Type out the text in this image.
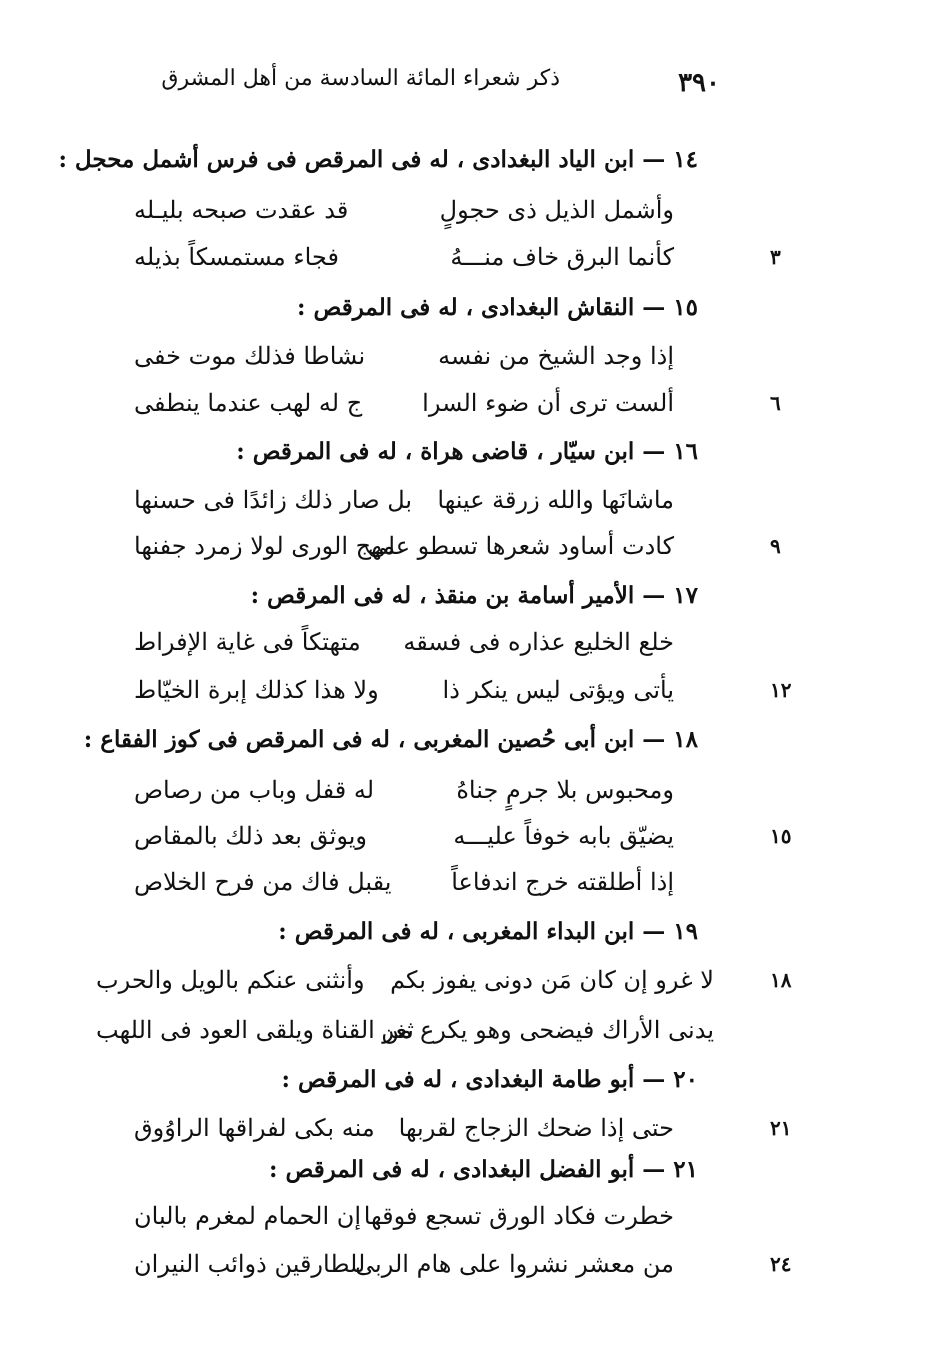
٣٩٠
ذكر شعراء المائة السادسة من أهل المشرق
١٤ — ابن الياد البغدادى ، له فى المرقص فى فرس أشمل محجل :
وأشمل الذيل ذى حجولٍ
قد عقدت صبحه بليـله
كأنما البرق خاف منـــهُ
فجاء مستمسكاً بذيله	٣
١٥ — النقاش البغدادى ، له فى المرقص :
إذا وجد الشيخ من نفسه
نشاطا فذلك موت خفى
ألست ترى أن ضوء السرا
ج له لهب عندما ينطفى	٦
١٦ — ابن سيّار ، قاضى هراة ، له فى المرقص :
ماشانَها والله زرقة عينها
بل صار ذلك زائدًا فى حسنها
كادت أساود شعرها تسطو على
مهج الورى لولا زمرد جفنها	٩
١٧ — الأمير أسامة بن منقذ ، له فى المرقص :
خلع الخليع عذاره فى فسقه
متهتكاً فى غاية الإفراط
يأتى ويؤتى ليس ينكر ذا
ولا هذا كذلك إبرة الخيّاط	١٢
١٨ — ابن أبى حُصين المغربى ، له فى المرقص فى كوز الفقاع :
ومحبوس بلا جرمٍ جناهُ
له قفل وباب من رصاص
يضيّق بابه خوفاً عليـــه
ويوثق بعد ذلك بالمقاص	١٥
إذا أطلقته خرج اندفاعاً
يقبل فاك من فرح الخلاص
١٩ — ابن البداء المغربى ، له فى المرقص :
لا غرو إن كان مَن دونى يفوز بكم
وأنثنى عنكم بالويل والحرب	١٨
يدنى الأراك فيضحى وهو يكرع من
ثغر القناة ويلقى العود فى اللهب
٢٠ — أبو طامة البغدادى ، له فى المرقص :
حتى إذا ضحك الزجاج لقربها
منه بكى لفراقها الراوُوق	٢١
٢١ — أبو الفضل البغدادى ، له فى المرقص :
خطرت فكاد الورق تسجع فوقها
إن الحمام لمغرم بالبان
من معشر نشروا على هام الربى
للطارقين ذوائب النيران	٢٤
